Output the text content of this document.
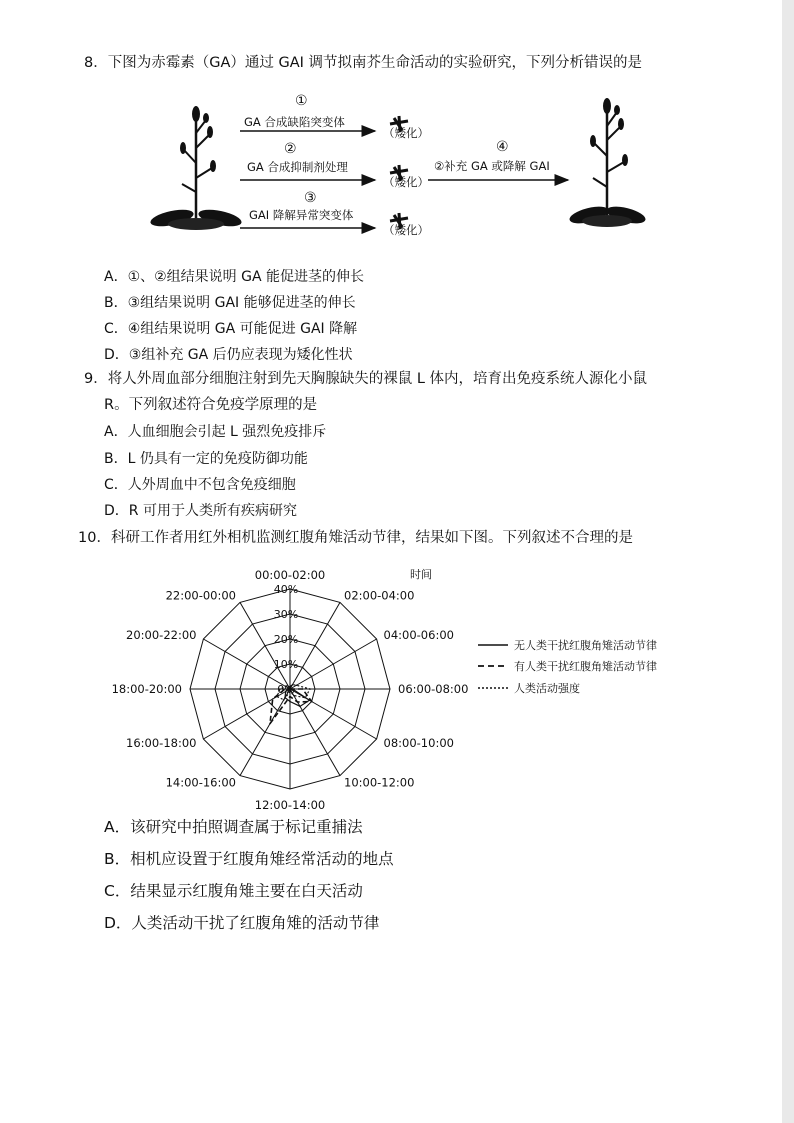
8．下图为赤霉素（GA）通过 GAI 调节拟南芥生命活动的实验研究，下列分析错误的是
①
GA 合成缺陷突变体
（矮化）
②
GA 合成抑制剂处理
（矮化）
③
GAI 降解异常突变体
（矮化）
④
②补充 GA 或降解 GAI
A．①、②组结果说明 GA 能促进茎的伸长
B．③组结果说明 GAI 能够促进茎的伸长
C．④组结果说明 GA 可能促进 GAI 降解
D．③组补充 GA 后仍应表现为矮化性状
9．将人外周血部分细胞注射到先天胸腺缺失的裸鼠 L 体内，培育出免疫系统人源化小鼠
R。下列叙述符合免疫学原理的是
A．人血细胞会引起 L 强烈免疫排斥
B．L 仍具有一定的免疫防御功能
C．人外周血中不包含免疫细胞
D．R 可用于人类所有疾病研究
10．科研工作者用红外相机监测红腹角雉活动节律，结果如下图。下列叙述不合理的是
0%
10%
20%
30%
40%
00:00-02:00
02:00-04:00
04:00-06:00
06:00-08:00
08:00-10:00
10:00-12:00
12:00-14:00
14:00-16:00
16:00-18:00
18:00-20:00
20:00-22:00
22:00-00:00
时间
无人类干扰红腹角雉活动节律
有人类干扰红腹角雉活动节律
人类活动强度
A．该研究中拍照调查属于标记重捕法
B．相机应设置于红腹角雉经常活动的地点
C．结果显示红腹角雉主要在白天活动
D．人类活动干扰了红腹角雉的活动节律
